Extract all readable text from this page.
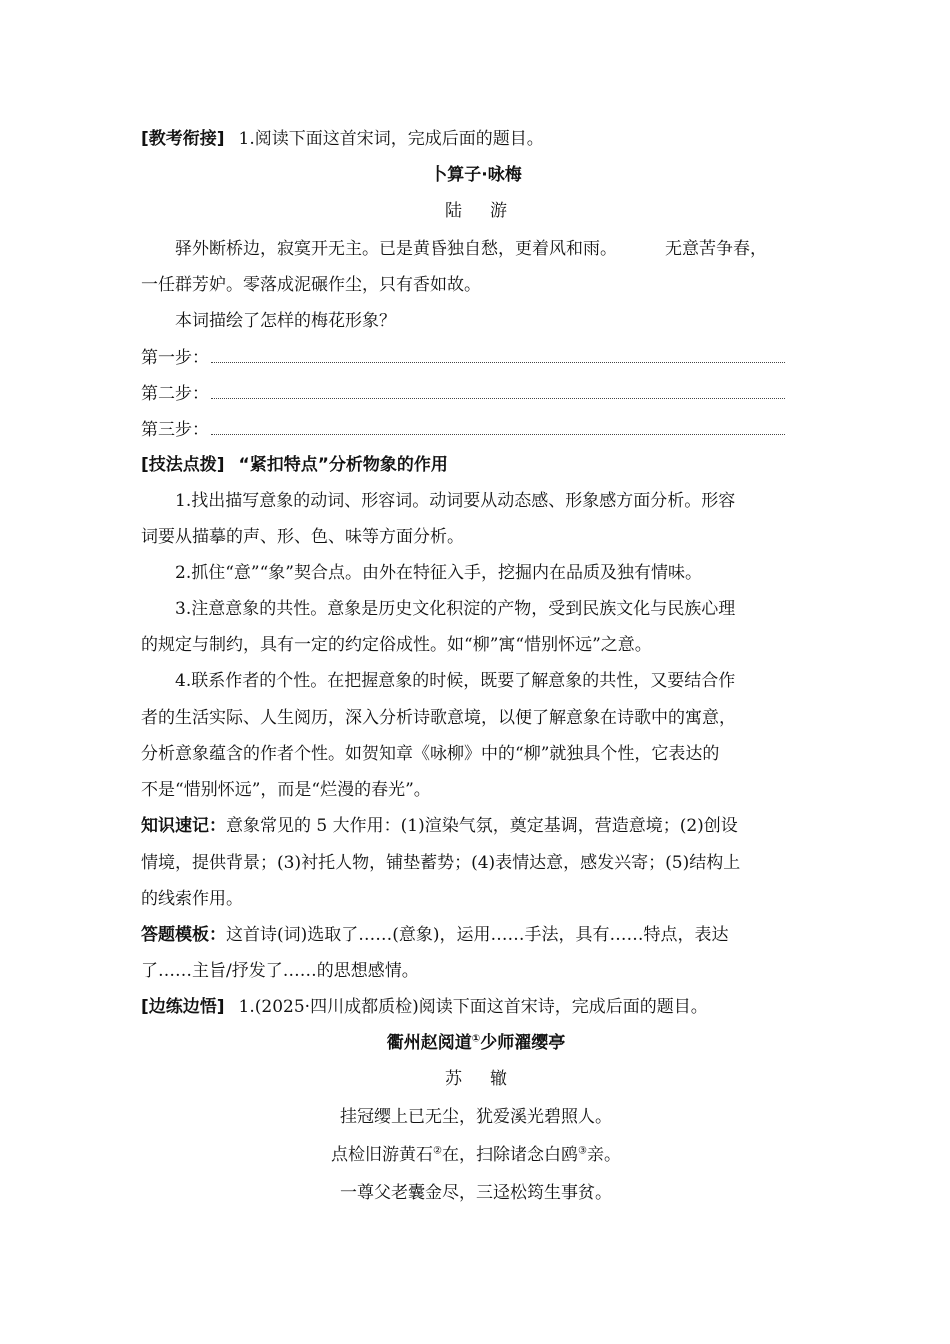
[教考衔接] 1.阅读下面这首宋词，完成后面的题目。
卜算子·咏梅
陆 游
驿外断桥边，寂寞开无主。已是黄昏独自愁，更着风和雨。	无意苦争春，
一任群芳妒。零落成泥碾作尘，只有香如故。
本词描绘了怎样的梅花形象？
第一步：
第二步：
第三步：
[技法点拨] “紧扣特点”分析物象的作用
1.找出描写意象的动词、形容词。动词要从动态感、形象感方面分析。形容
词要从描摹的声、形、色、味等方面分析。
2.抓住“意”“象”契合点。由外在特征入手，挖掘内在品质及独有情味。
3.注意意象的共性。意象是历史文化积淀的产物，受到民族文化与民族心理
的规定与制约，具有一定的约定俗成性。如“柳”寓“惜别怀远”之意。
4.联系作者的个性。在把握意象的时候，既要了解意象的共性，又要结合作
者的生活实际、人生阅历，深入分析诗歌意境，以便了解意象在诗歌中的寓意，
分析意象蕴含的作者个性。如贺知章《咏柳》中的“柳”就独具个性，它表达的
不是“惜别怀远”，而是“烂漫的春光”。
知识速记：意象常见的 5 大作用：(1)渲染气氛，奠定基调，营造意境；(2)创设
情境，提供背景；(3)衬托人物，铺垫蓄势；(4)表情达意，感发兴寄；(5)结构上
的线索作用。
答题模板：这首诗(词)选取了……(意象)，运用……手法，具有……特点，表达
了……主旨/抒发了……的思想感情。
[边练边悟] 1.(2025·四川成都质检)阅读下面这首宋诗，完成后面的题目。
衢州赵阅道①少师濯缨亭
苏 辙
挂冠缨上已无尘，犹爱溪光碧照人。
点检旧游黄石②在，扫除诸念白鸥③亲。
一尊父老囊金尽，三迳松筠生事贫。
